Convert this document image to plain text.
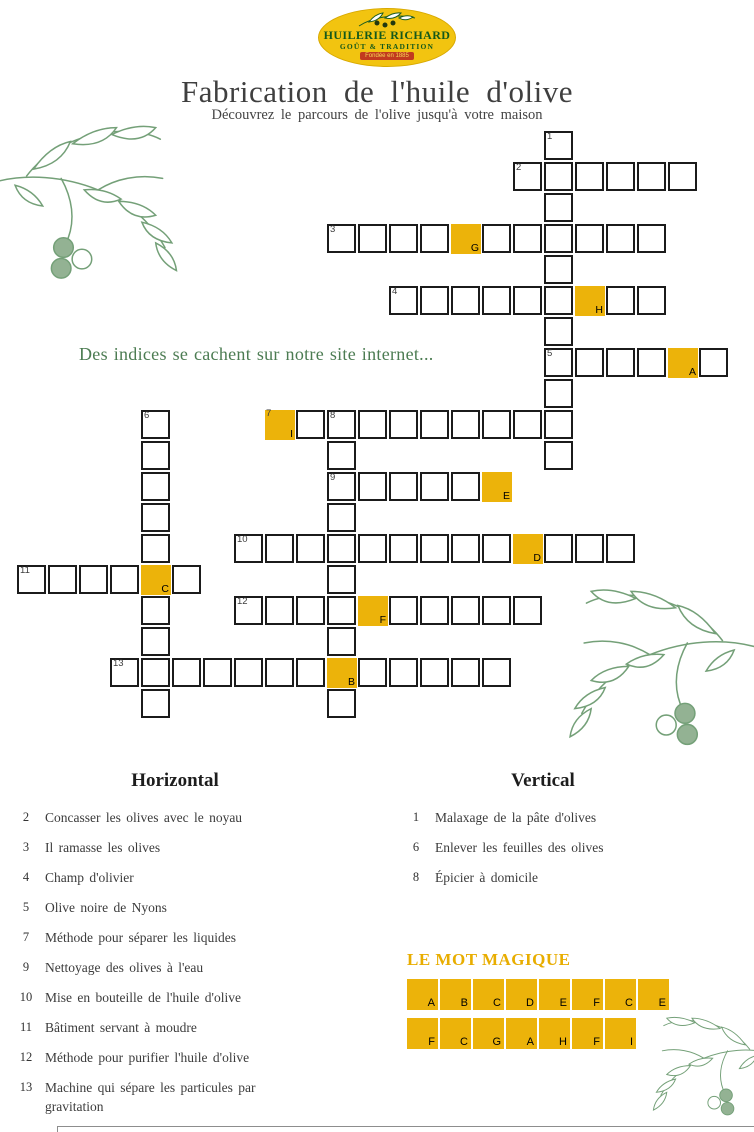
HUILERIE RICHARD
GOÛT & TRADITION
Fondée en 1885
Fabrication de l'huile d'olive
Découvrez le parcours de l'olive jusqu'à votre maison
Des indices se cachent sur notre site internet...
1
5
2
3
G
4
H
A
6
C
7
I
8
9
B
E
10
D
11
12
F
13
Horizontal
2	Concasser les olives avec le noyau
3	Il ramasse les olives
4	Champ d'olivier
5	Olive noire de Nyons
7	Méthode pour séparer les liquides
9	Nettoyage des olives à l'eau
10 Mise en bouteille de l'huile d'olive
11 Bâtiment servant à moudre
12 Méthode pour purifier l'huile d'olive
13 Machine qui sépare les particules par gravitation
Vertical
1	Malaxage de la pâte d'olives
6	Enlever les feuilles des olives
8	Épicier à domicile
LE MOT MAGIQUE
A B C D E F C E
F C G A H F	I
